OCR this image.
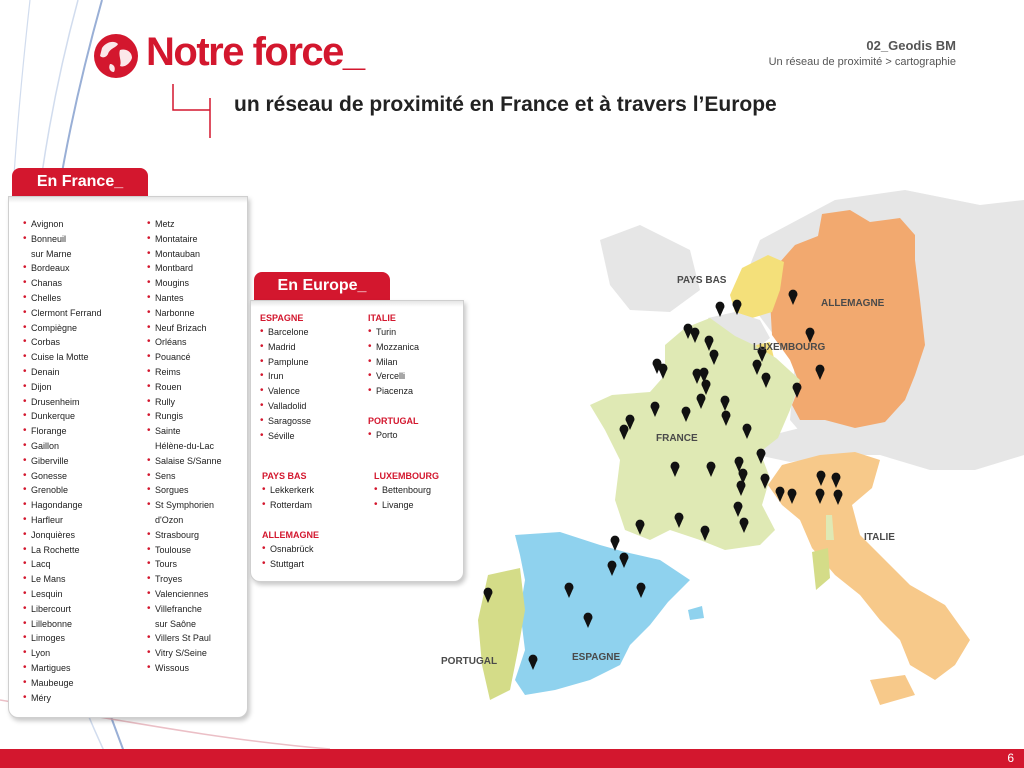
PAYS BAS
ALLEMAGNE
LUXEMBOURG
FRANCE
ITALIE
ESPAGNE
PORTUGAL
Notre force_	02_Geodis BM
Un réseau de proximité > cartographie
un réseau de proximité en France et à travers l’Europe
En France_
• Avignon
• Bonneuil
sur Marne
• Bordeaux
• Chanas
• Chelles
• Clermont Ferrand
• Compiègne
• Corbas
• Cuise la Motte
• Denain
• Dijon
• Drusenheim
• Dunkerque
• Florange
• Gaillon
• Giberville
• Gonesse
• Grenoble
• Hagondange
• Harfleur
• Jonquières
• La Rochette
• Lacq
• Le Mans
• Lesquin
• Libercourt
• Lillebonne
• Limoges
• Lyon
• Martigues
• Maubeuge
• Méry
• Metz
• Montataire
• Montauban
• Montbard
• Mougins
• Nantes
• Narbonne
• Neuf Brizach
• Orléans
• Pouancé
• Reims
• Rouen
• Rully
• Rungis
• Sainte
Hélène-du-Lac
• Salaise S/Sanne
• Sens
• Sorgues
• St Symphorien
d'Ozon
• Strasbourg
• Toulouse
• Tours
• Troyes
• Valenciennes
• Villefranche
sur Saône
• Villers St Paul
• Vitry S/Seine
• Wissous
En Europe_
ESPAGNE
• Barcelone
• Madrid
• Pamplune
• Irun
• Valence
• Valladolid
• Saragosse
• Séville
ITALIE
• Turin
• Mozzanica
• Milan
• Vercelli
• Piacenza
PORTUGAL
• Porto
PAYS BAS
• Lekkerkerk
• Rotterdam
LUXEMBOURG
• Bettenbourg
• Livange
ALLEMAGNE
• Osnabrück
• Stuttgart
6
